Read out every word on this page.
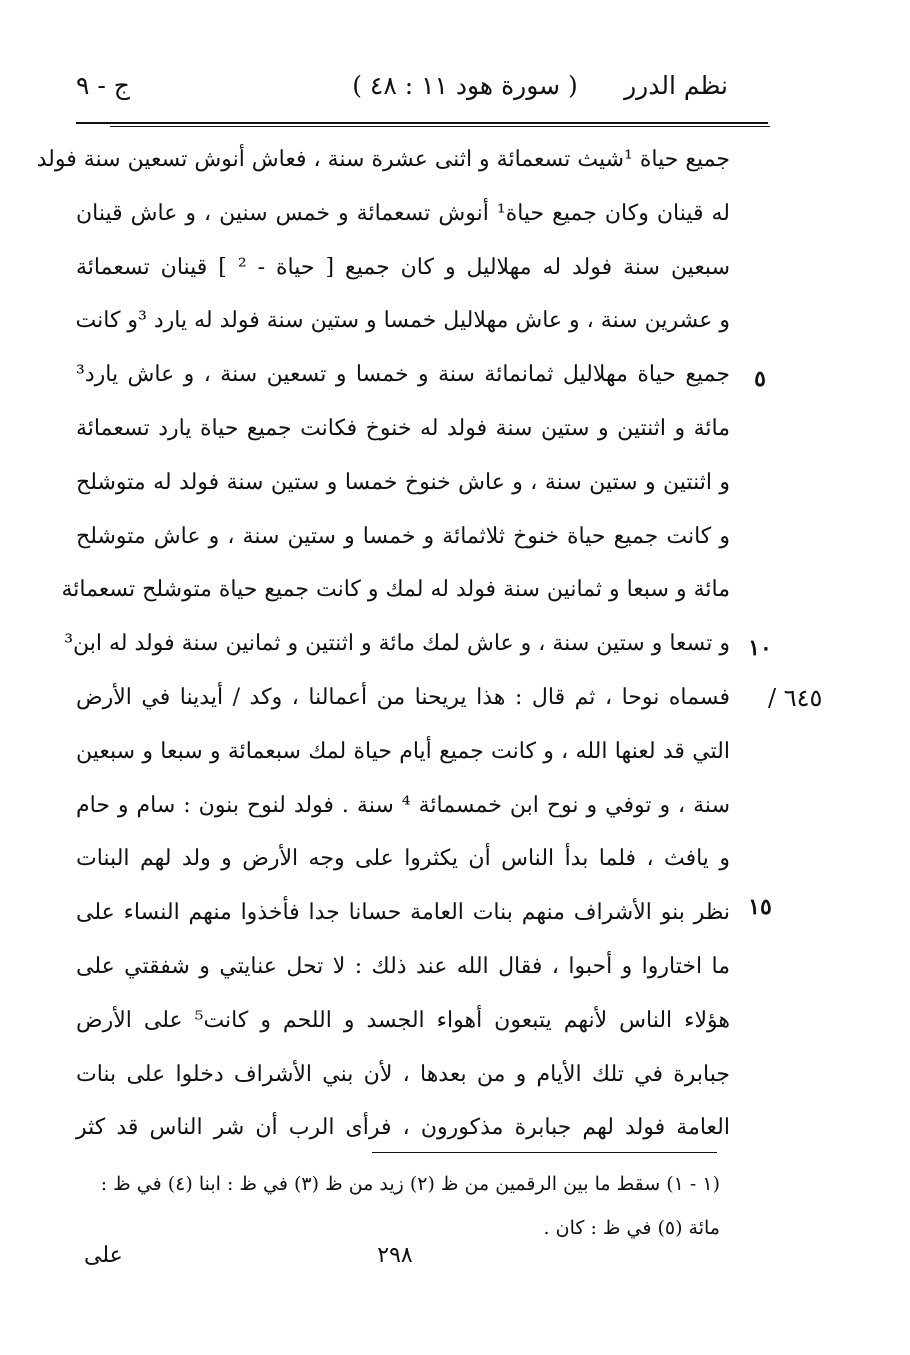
نظم الدرر
( سورة هود ١١ : ٤٨ )
ج - ٩
٥
١٠
١٥
٦٤٥ /
جميع حياة ¹شيث تسعمائة و اثنى عشرة سنة ، فعاش أنوش تسعين سنة فولد
له قينان وكان جميع حياة¹ أنوش تسعمائة و خمس سنين ، و عاش قينان
سبعين سنة فولد له مهلاليل و كان جميع [ حياة - ² ] قينان تسعمائة
و عشرين سنة ، و عاش مهلاليل خمسا و ستين سنة فولد له يارد ³و كانت
جميع حياة مهلاليل ثمانمائة سنة و خمسا و تسعين سنة ، و عاش يارد³
مائة و اثنتين و ستين سنة فولد له خنوخ فكانت جميع حياة يارد تسعمائة
و اثنتين و ستين سنة ، و عاش خنوخ خمسا و ستين سنة فولد له متوشلح
و كانت جميع حياة خنوخ ثلاثمائة و خمسا و ستين سنة ، و عاش متوشلح
مائة و سبعا و ثمانين سنة فولد له لمك و كانت جميع حياة متوشلح تسعمائة
و تسعا و ستين سنة ، و عاش لمك مائة و اثنتين و ثمانين سنة فولد له ابن³
فسماه نوحا ، ثم قال : هذا يريحنا من أعمالنا ، وكد / أيدينا في الأرض
التي قد لعنها الله ، و كانت جميع أيام حياة لمك سبعمائة و سبعا و سبعين
سنة ، و توفي و نوح ابن خمسمائة ⁴ سنة . فولد لنوح بنون : سام و حام
و يافث ، فلما بدأ الناس أن يكثروا على وجه الأرض و ولد لهم البنات
نظر بنو الأشراف منهم بنات العامة حسانا جدا فأخذوا منهم النساء على
ما اختاروا و أحبوا ، فقال الله عند ذلك : لا تحل عنايتي و شفقتي على
هؤلاء الناس لأنهم يتبعون أهواء الجسد و اللحم و كانت⁵ على الأرض
جبابرة في تلك الأيام و من بعدها ، لأن بني الأشراف دخلوا على بنات
العامة فولد لهم جبابرة مذكورون ، فرأى الرب أن شر الناس قد كثر
(١ - ١) سقط ما بين الرقمين من ظ (٢) زيد من ظ (٣) في ظ : ابنا (٤) في ظ :
مائة (٥) في ظ : كان .
على	٢٩٨
